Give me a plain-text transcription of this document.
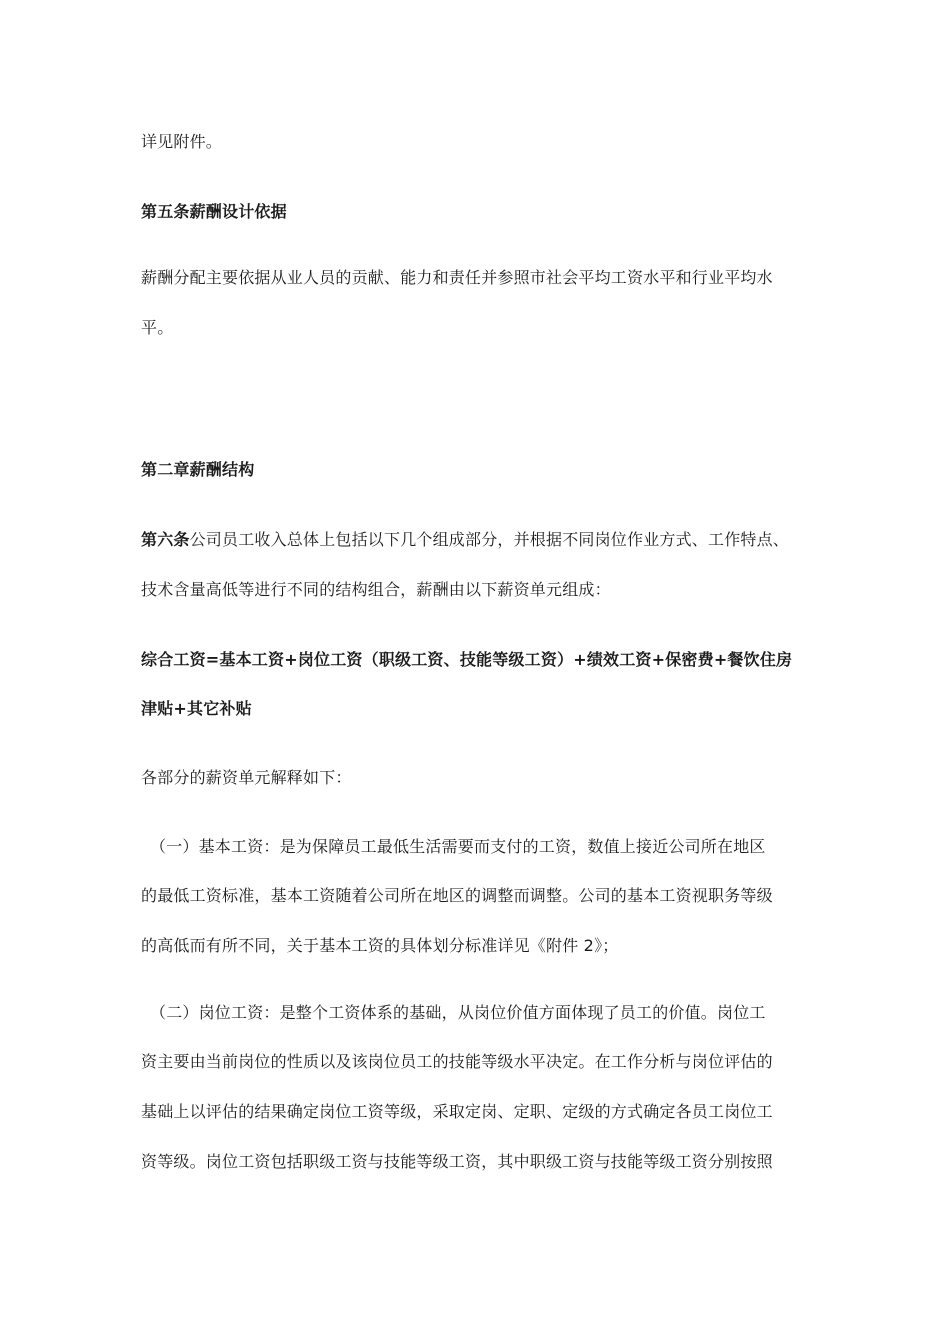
详见附件。
第五条薪酬设计依据
薪酬分配主要依据从业人员的贡献、能力和责任并参照市社会平均工资水平和行业平均水
平。
第二章薪酬结构
第六条公司员工收入总体上包括以下几个组成部分，并根据不同岗位作业方式、工作特点、
技术含量高低等进行不同的结构组合，薪酬由以下薪资单元组成：
综合工资=基本工资+岗位工资（职级工资、技能等级工资）+绩效工资+保密费+餐饮住房
津贴+其它补贴
各部分的薪资单元解释如下：
（一）基本工资：是为保障员工最低生活需要而支付的工资，数值上接近公司所在地区
的最低工资标准，基本工资随着公司所在地区的调整而调整。公司的基本工资视职务等级
的高低而有所不同，关于基本工资的具体划分标准详见《附件 2》；
（二）岗位工资：是整个工资体系的基础，从岗位价值方面体现了员工的价值。岗位工
资主要由当前岗位的性质以及该岗位员工的技能等级水平决定。在工作分析与岗位评估的
基础上以评估的结果确定岗位工资等级，采取定岗、定职、定级的方式确定各员工岗位工
资等级。岗位工资包括职级工资与技能等级工资，其中职级工资与技能等级工资分别按照
